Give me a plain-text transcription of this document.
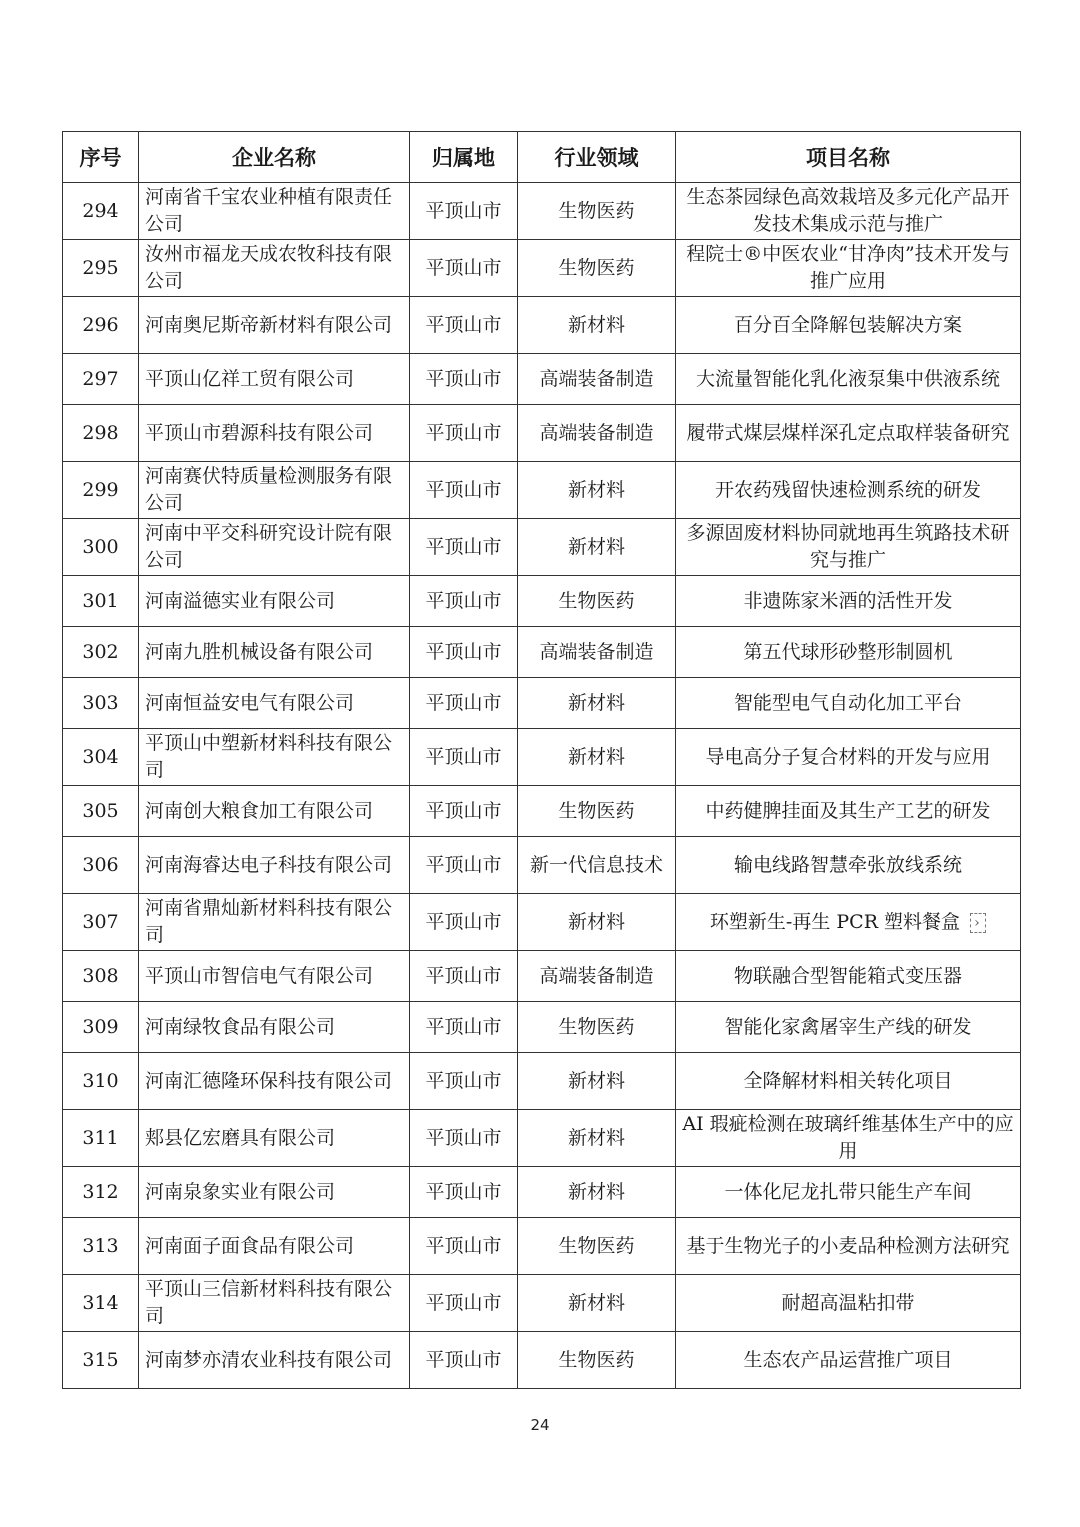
序号	企业名称	归属地	行业领域	项目名称
294	河南省千宝农业种植有限责任公司	平顶山市	生物医药	生态茶园绿色高效栽培及多元化产品开发技术集成示范与推广
295	汝州市福龙天成农牧科技有限公司	平顶山市	生物医药	程院士®中医农业“甘净肉”技术开发与推广应用
296	河南奥尼斯帝新材料有限公司	平顶山市	新材料	百分百全降解包装解决方案
297	平顶山亿祥工贸有限公司	平顶山市	高端装备制造	大流量智能化乳化液泵集中供液系统
298	平顶山市碧源科技有限公司	平顶山市	高端装备制造	履带式煤层煤样深孔定点取样装备研究
299	河南赛伏特质量检测服务有限公司	平顶山市	新材料	开农药残留快速检测系统的研发
300	河南中平交科研究设计院有限公司	平顶山市	新材料	多源固废材料协同就地再生筑路技术研究与推广
301	河南溢德实业有限公司	平顶山市	生物医药	非遗陈家米酒的活性开发
302	河南九胜机械设备有限公司	平顶山市	高端装备制造	第五代球形砂整形制圆机
303	河南恒益安电气有限公司	平顶山市	新材料	智能型电气自动化加工平台
304	平顶山中塑新材料科技有限公司	平顶山市	新材料	导电高分子复合材料的开发与应用
305	河南创大粮食加工有限公司	平顶山市	生物医药	中药健脾挂面及其生产工艺的研发
306	河南海睿达电子科技有限公司	平顶山市	新一代信息技术	输电线路智慧牵张放线系统
307	河南省鼎灿新材料科技有限公司	平顶山市	新材料	环塑新生-再生 PCR 塑料餐盒›
308	平顶山市智信电气有限公司	平顶山市	高端装备制造	物联融合型智能箱式变压器
309	河南绿牧食品有限公司	平顶山市	生物医药	智能化家禽屠宰生产线的研发
310	河南汇德隆环保科技有限公司	平顶山市	新材料	全降解材料相关转化项目
311	郏县亿宏磨具有限公司	平顶山市	新材料	AI 瑕疵检测在玻璃纤维基体生产中的应用
312	河南泉象实业有限公司	平顶山市	新材料	一体化尼龙扎带只能生产车间
313	河南面子面食品有限公司	平顶山市	生物医药	基于生物光子的小麦品种检测方法研究
314	平顶山三信新材料科技有限公司	平顶山市	新材料	耐超高温粘扣带
315	河南梦亦清农业科技有限公司	平顶山市	生物医药	生态农产品运营推广项目
24
